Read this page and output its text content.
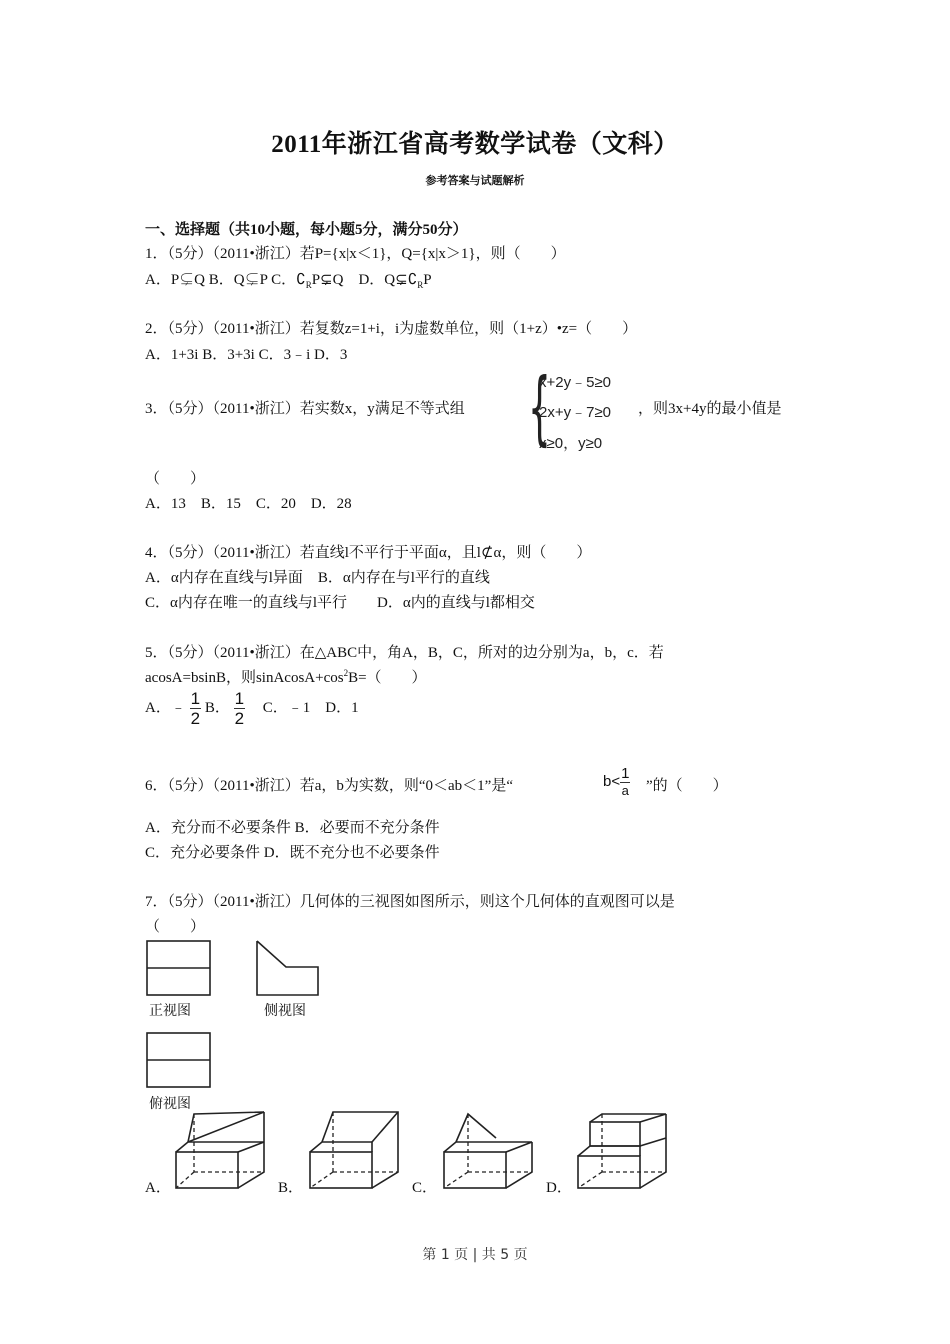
2011年浙江省高考数学试卷（文科）
参考答案与试题解析
一、选择题（共10小题，每小题5分，满分50分）
1．（5分）（2011•浙江）若P={x|x＜1}，Q={x|x＞1}，则（　　）
A．P⊊Q B．Q⊊P C．$∁_RP⊊Q$　D．$Q⊊∁_RP$
2．（5分）（2011•浙江）若复数z=1+i，i为虚数单位，则（1+z）•z=（　　）
A．1+3i B．3+3i C．3﹣i D．3
3．（5分）（2011•浙江）若实数x，y满足不等式组 {
x+2y﹣5≥0
2x+y﹣7≥0
x≥0，y≥0
，则3x+4y的最小值是
（　　）
A．13　B．15　C．20　D．28
4．（5分）（2011•浙江）若直线l不平行于平面α，且l⊄α，则（　　）
A．α内存在直线与l异面　B．α内存在与l平行的直线
C．α内存在唯一的直线与l平行　　D．α内的直线与l都相交
5．（5分）（2011•浙江）在△ABC中，角A，B，C，所对的边分别为a，b，c．若
acosA=bsinB，则$sinAcosA+\cos^2B=$（　　）
A．﹣ $\frac{1}{2}$ B． $\frac{1}{2}$ C．﹣1　D．1
6．（5分）（2011•浙江）若a，b为实数，则“0＜ab＜1”是“	$b< \frac{1}{a}$ ”的（　　）
A．充分而不必要条件 B．必要而不充分条件
C．充分必要条件 D．既不充分也不必要条件
7．（5分）（2011•浙江）几何体的三视图如图所示，则这个几何体的直观图可以是
（　　）
正视图	侧视图
俯视图
A．	B．	C．	D．
第 1 页 | 共 5 页
